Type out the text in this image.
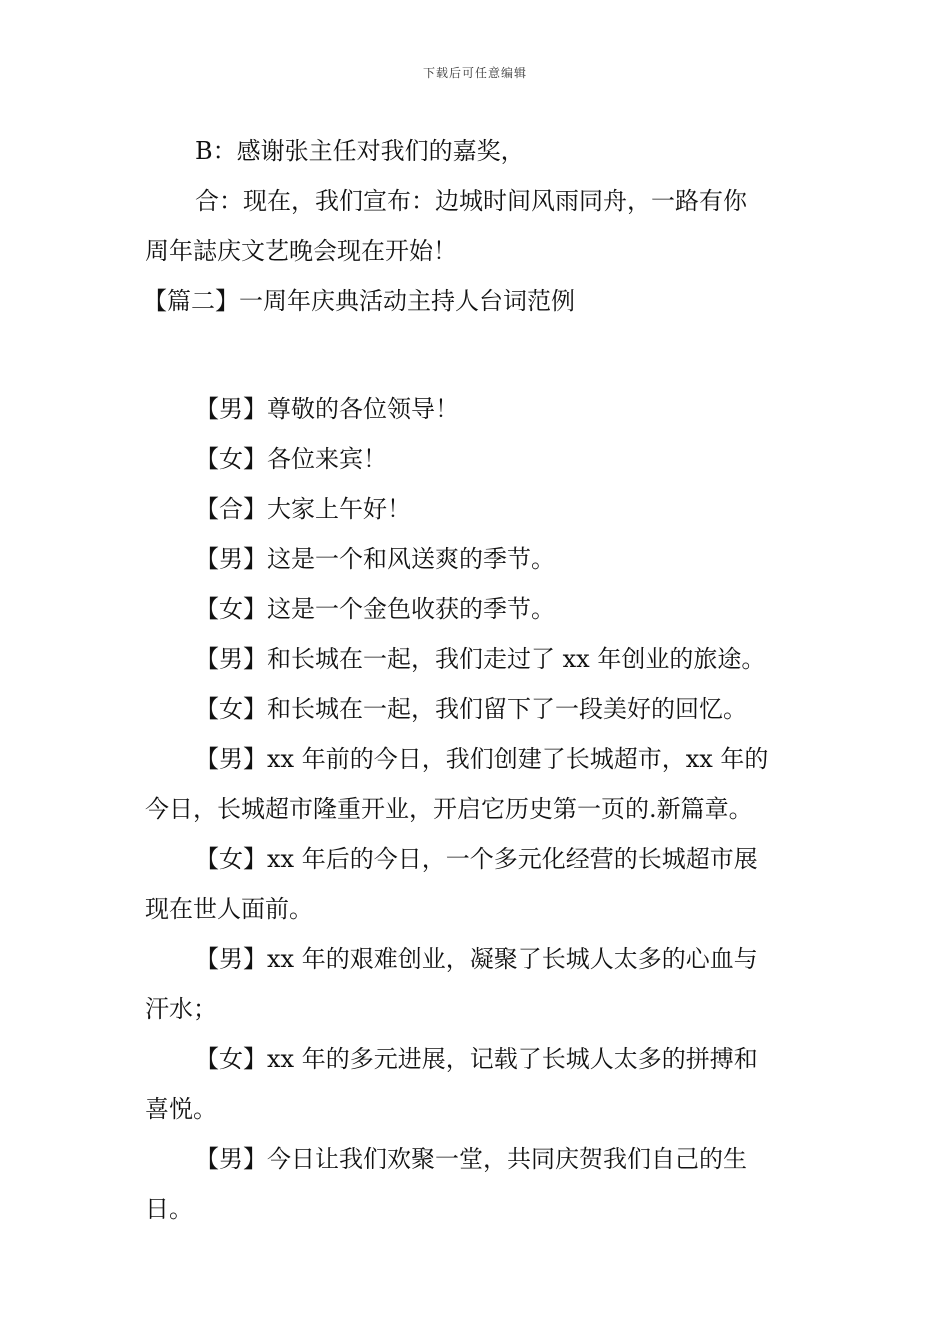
下载后可任意编辑
B：感谢张主任对我们的嘉奖，
合：现在，我们宣布：边城时间风雨同舟，一路有你
周年誌庆文艺晚会现在开始！
【篇二】一周年庆典活动主持人台词范例
【男】尊敬的各位领导！
【女】各位来宾！
【合】大家上午好！
【男】这是一个和风送爽的季节。
【女】这是一个金色收获的季节。
【男】和长城在一起，我们走过了 xx 年创业的旅途。
【女】和长城在一起，我们留下了一段美好的回忆。
【男】xx 年前的今日，我们创建了长城超市，xx 年的
今日，长城超市隆重开业，开启它历史第一页的.新篇章。
【女】xx 年后的今日，一个多元化经营的长城超市展
现在世人面前。
【男】xx 年的艰难创业，凝聚了长城人太多的心血与
汗水；
【女】xx 年的多元进展，记载了长城人太多的拼搏和
喜悦。
【男】今日让我们欢聚一堂，共同庆贺我们自己的生
日。
